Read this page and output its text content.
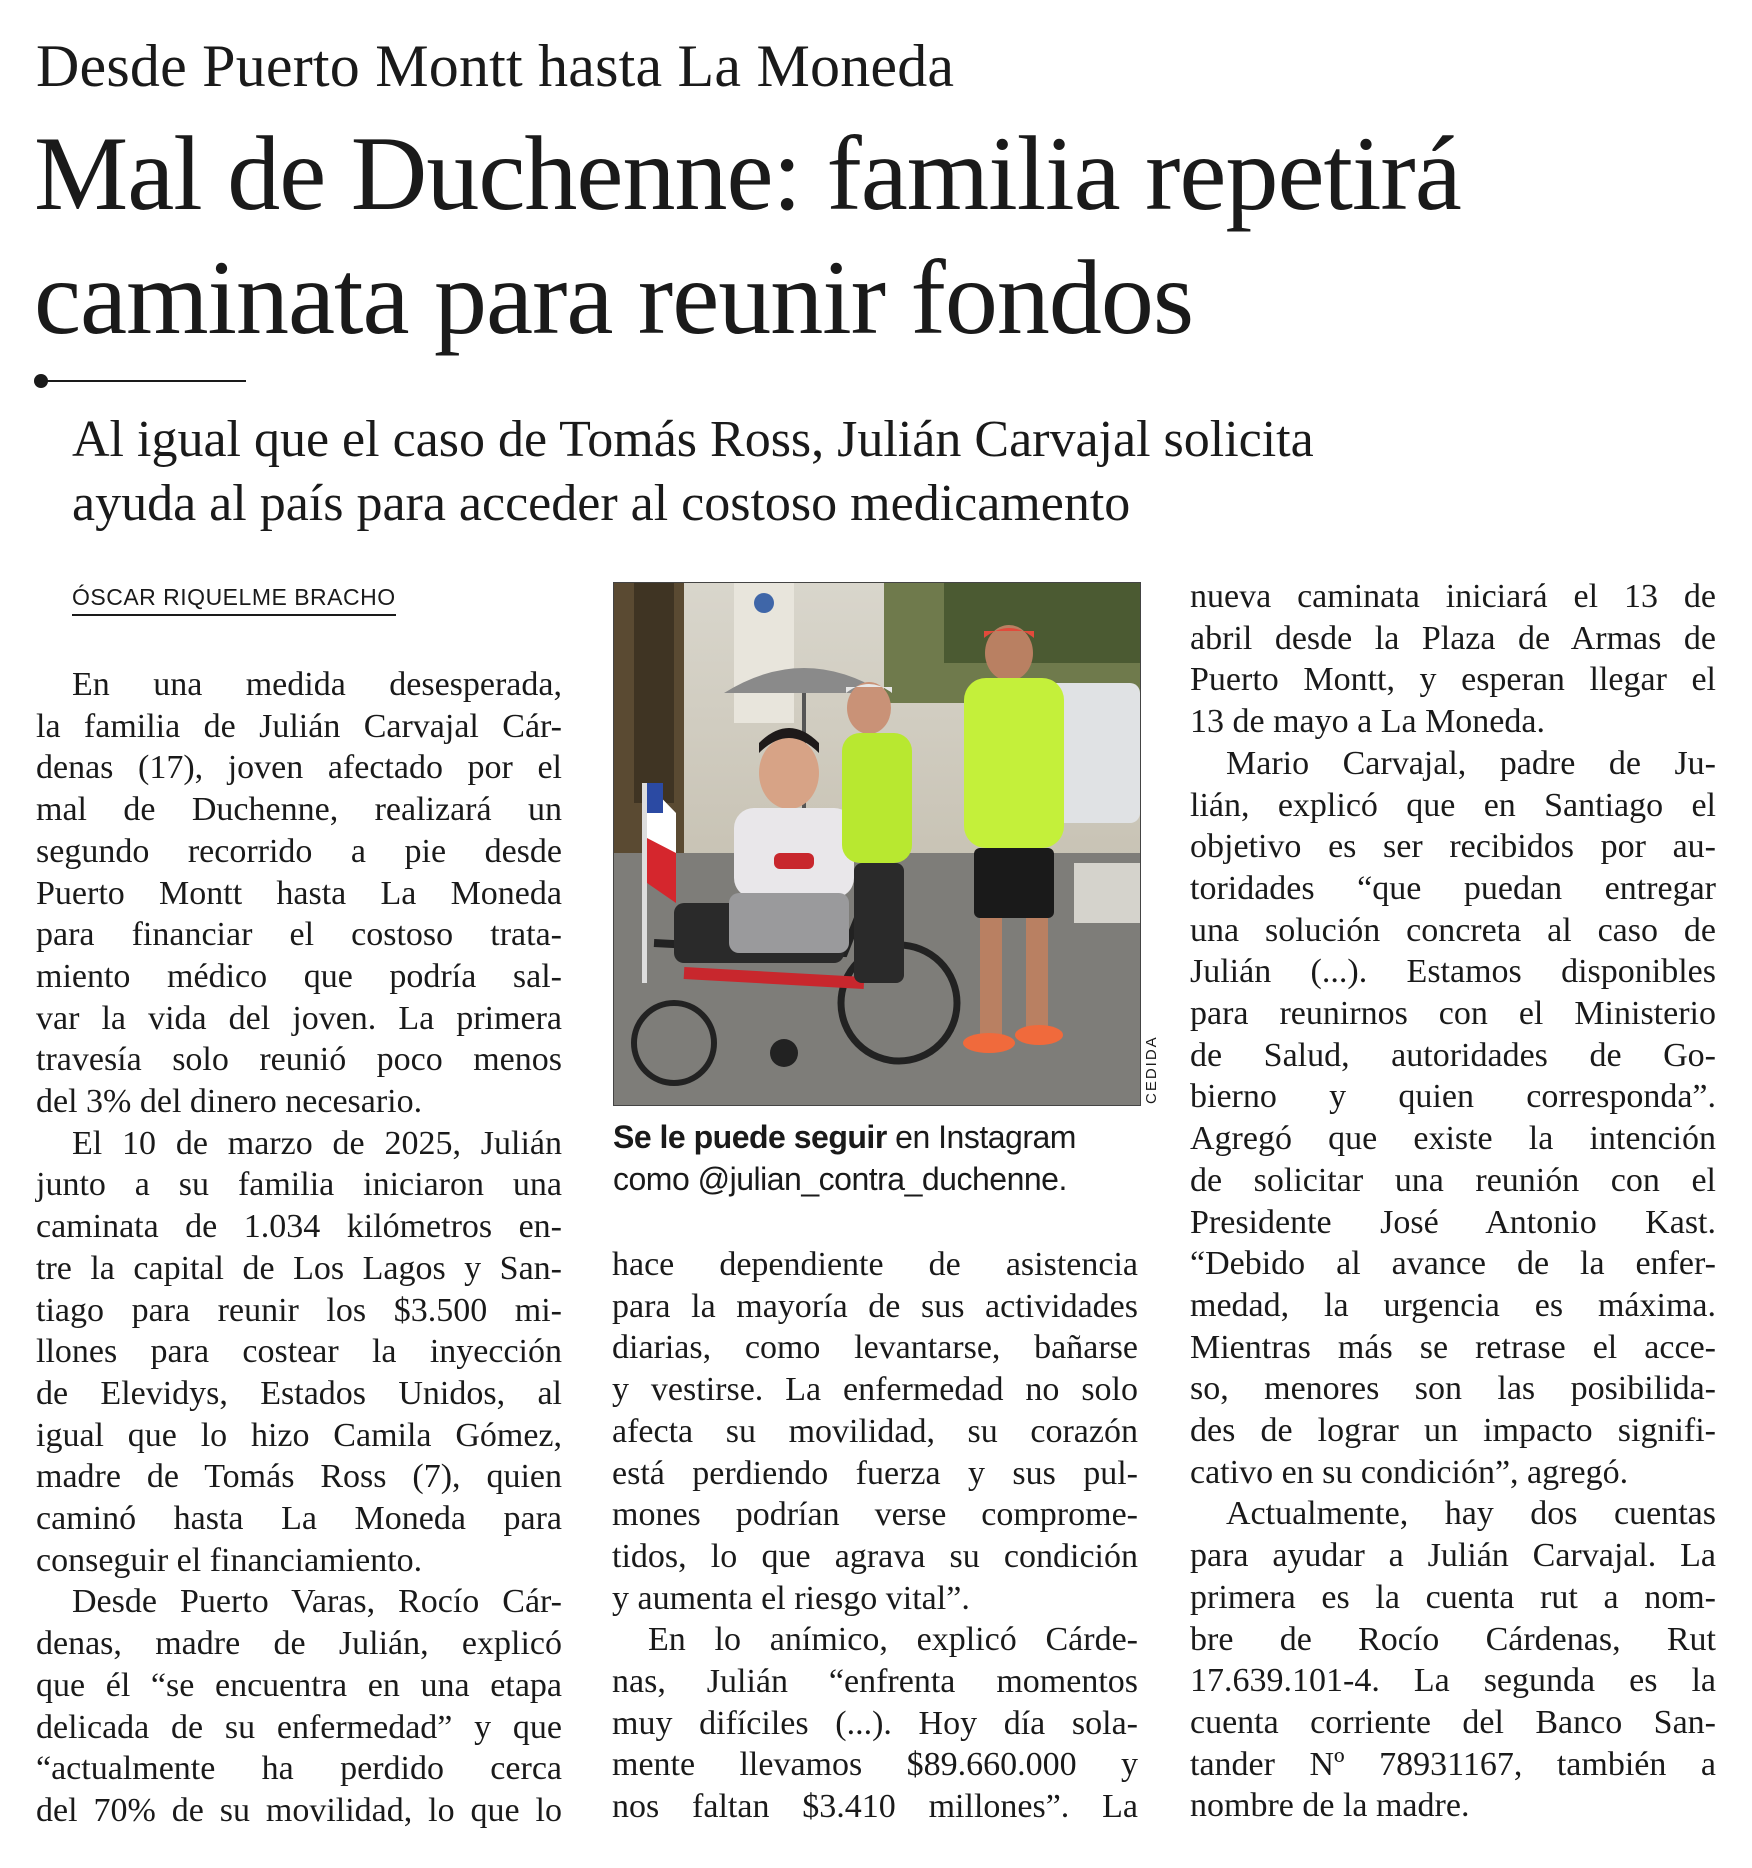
Desde Puerto Montt hasta La Moneda
Mal de Duchenne: familia repetirá
caminata para reunir fondos
Al igual que el caso de Tomás Ross, Julián Carvajal solicita
ayuda al país para acceder al costoso medicamento
ÓSCAR RIQUELME BRACHO

En una medida desesperada,
la familia de Julián Carvajal Cár-
denas (17), joven afectado por el
mal de Duchenne, realizará un
segundo recorrido a pie desde
Puerto Montt hasta La Moneda
para financiar el costoso trata-
miento médico que podría sal-
var la vida del joven. La primera
travesía solo reunió poco menos
del 3% del dinero necesario.

El 10 de marzo de 2025, Julián
junto a su familia iniciaron una
caminata de 1.034 kilómetros en-
tre la capital de Los Lagos y San-
tiago para reunir los $3.500 mi-
llones para costear la inyección
de Elevidys, Estados Unidos, al
igual que lo hizo Camila Gómez,
madre de Tomás Ross (7), quien
caminó hasta La Moneda para
conseguir el financiamiento.

Desde Puerto Varas, Rocío Cár-
denas, madre de Julián, explicó
que él “se encuentra en una etapa
delicada de su enfermedad” y que
“actualmente ha perdido cerca
del 70% de su movilidad, lo que lo

CEDIDA
Se le puede seguir en Instagram
como @julian_contra_duchenne.

hace dependiente de asistencia
para la mayoría de sus actividades
diarias, como levantarse, bañarse
y vestirse. La enfermedad no solo
afecta su movilidad, su corazón
está perdiendo fuerza y sus pul-
mones podrían verse comprome-
tidos, lo que agrava su condición
y aumenta el riesgo vital”.

En lo anímico, explicó Cárde-
nas, Julián “enfrenta momentos
muy difíciles (...). Hoy día sola-
mente llevamos $89.660.000 y
nos faltan $3.410 millones”. La

nueva caminata iniciará el 13 de
abril desde la Plaza de Armas de
Puerto Montt, y esperan llegar el
13 de mayo a La Moneda.

Mario Carvajal, padre de Ju-
lián, explicó que en Santiago el
objetivo es ser recibidos por au-
toridades “que puedan entregar
una solución concreta al caso de
Julián (...). Estamos disponibles
para reunirnos con el Ministerio
de Salud, autoridades de Go-
bierno y quien corresponda”.
Agregó que existe la intención
de solicitar una reunión con el
Presidente José Antonio Kast.
“Debido al avance de la enfer-
medad, la urgencia es máxima.
Mientras más se retrase el acce-
so, menores son las posibilida-
des de lograr un impacto signifi-
cativo en su condición”, agregó.

Actualmente, hay dos cuentas
para ayudar a Julián Carvajal. La
primera es la cuenta rut a nom-
bre de Rocío Cárdenas, Rut
17.639.101-4. La segunda es la
cuenta corriente del Banco San-
tander Nº 78931167, también a
nombre de la madre.
